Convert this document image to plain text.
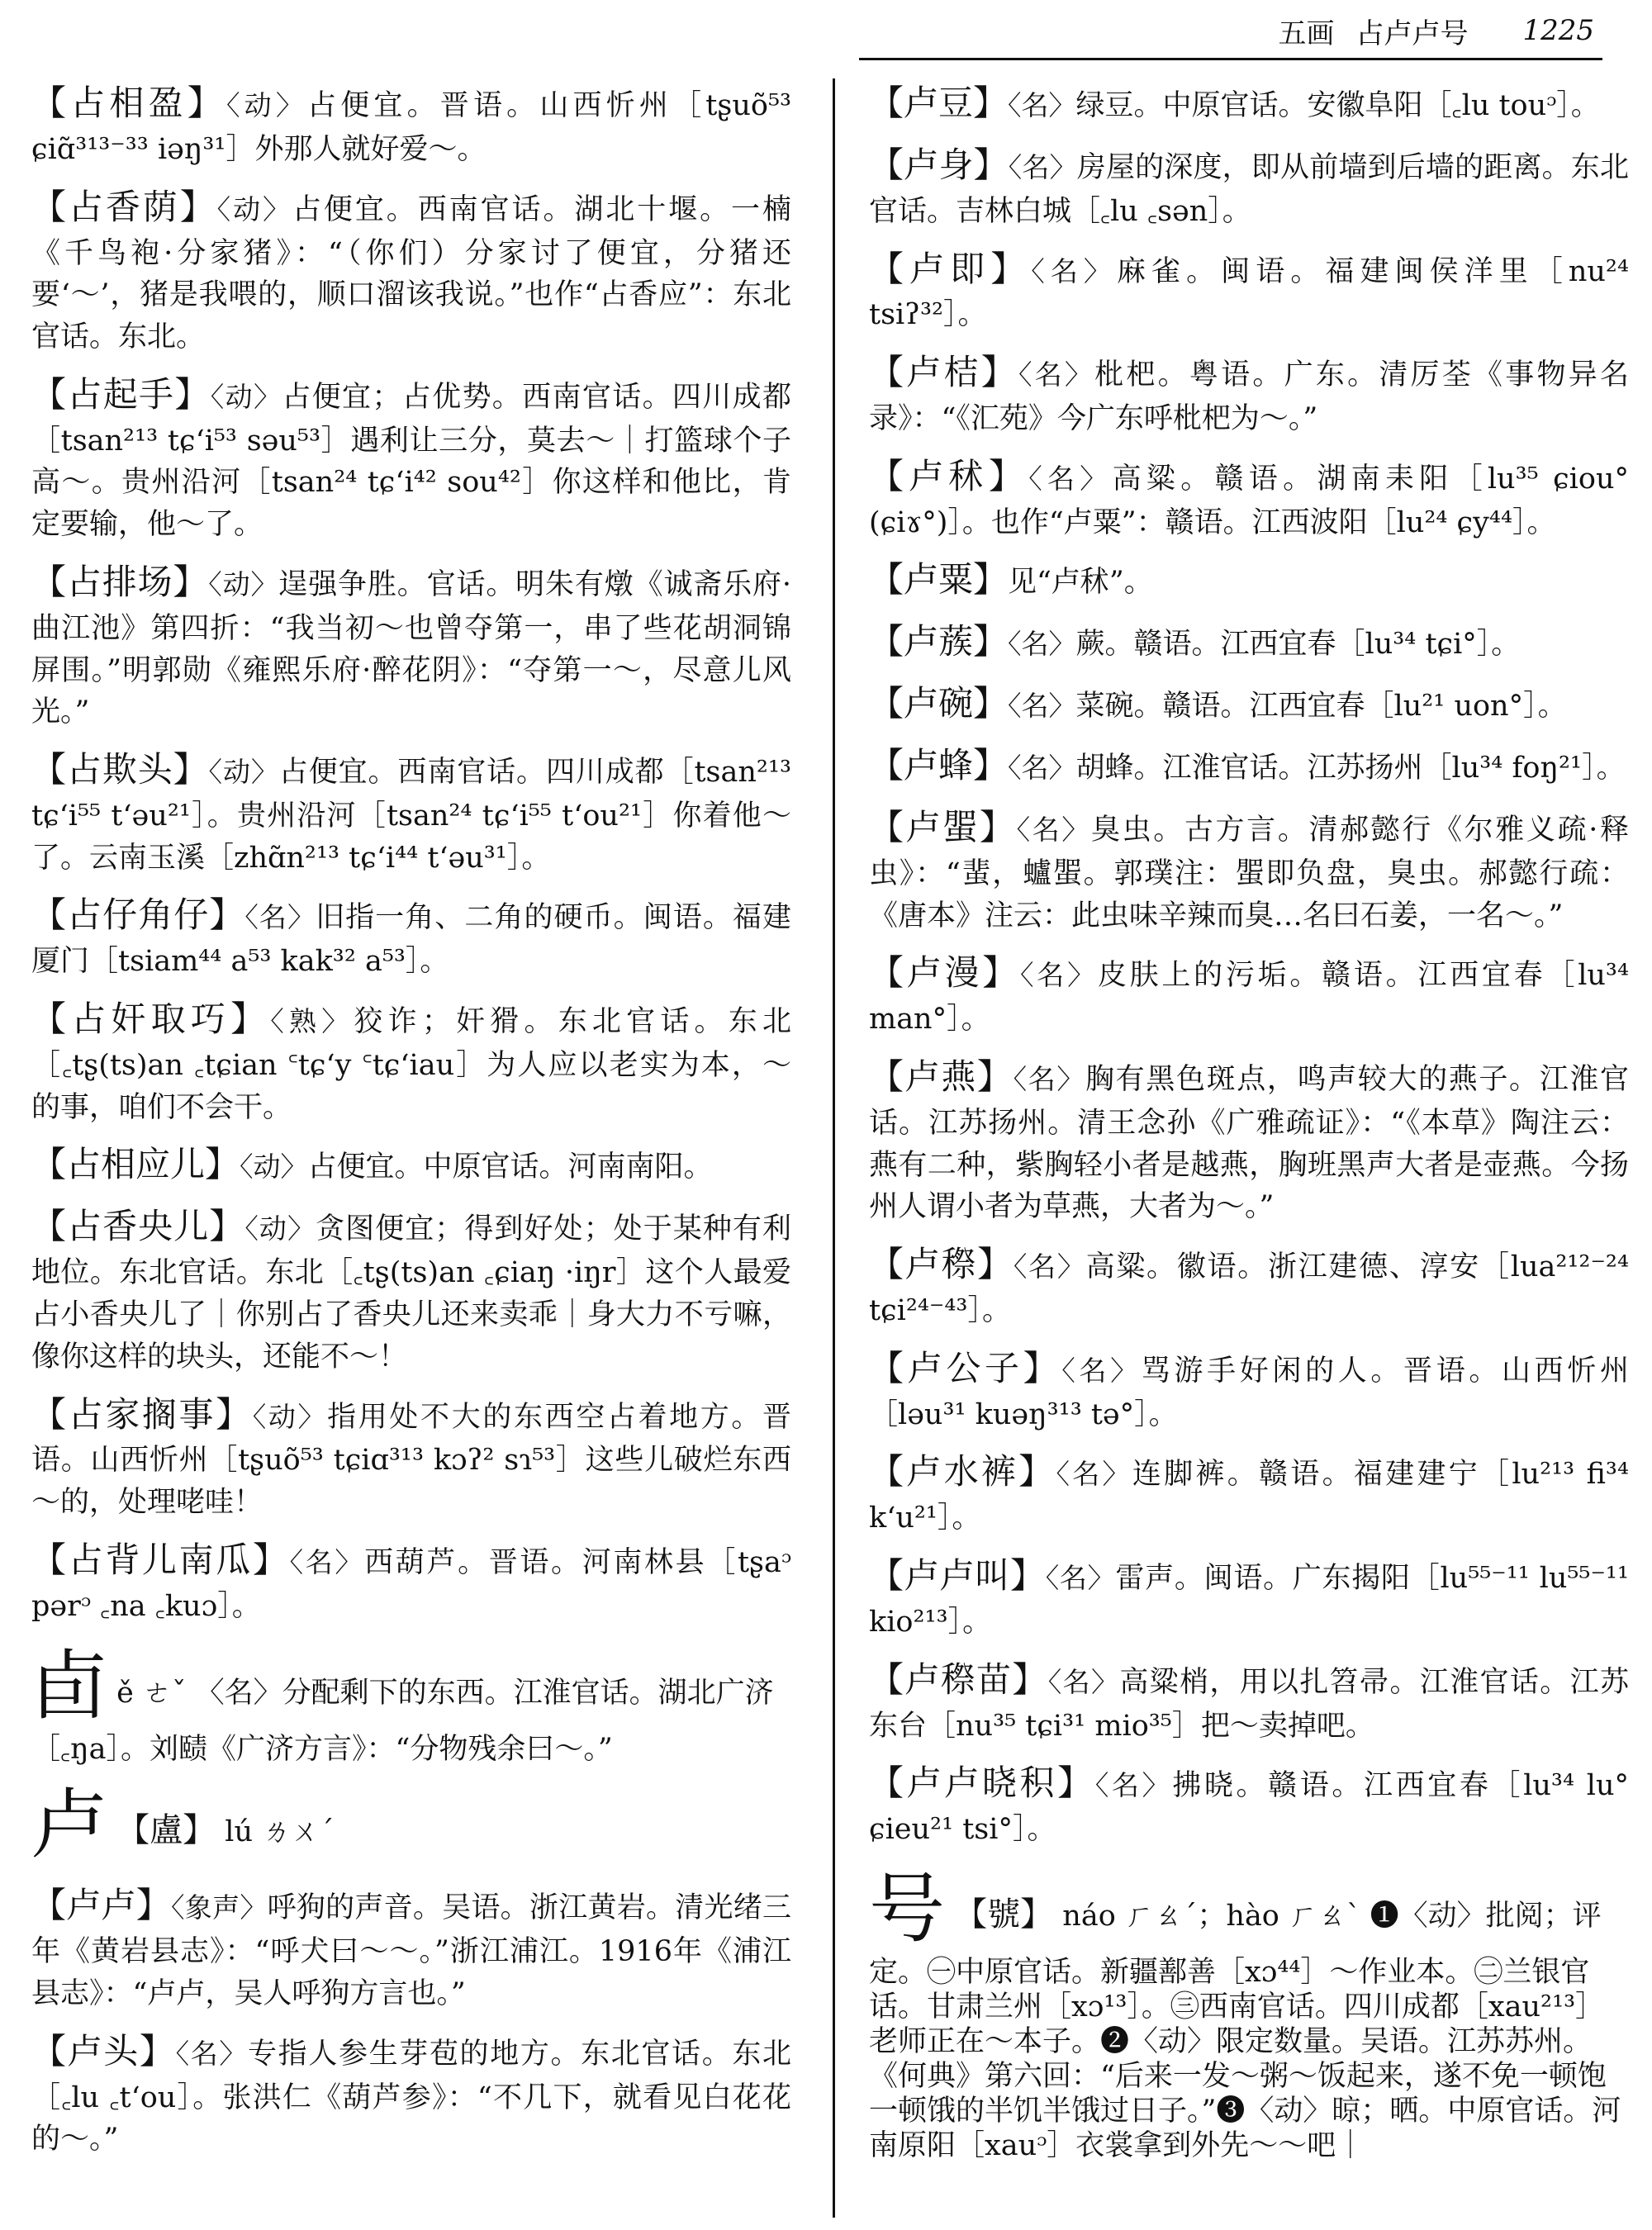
五画 占卢卢号 1225

【占相盈】〈动〉占便宜。晋语。山西忻州［tʂuõ⁵³ ɕiɑ̃³¹³⁻³³ iəŋ³¹］外那人就好爱～。

【占香荫】〈动〉占便宜。西南官话。湖北十堰。一楠《千鸟袍·分家猪》：“（你们）分家讨了便宜，分猪还要‘～’，猪是我喂的，顺口溜该我说。”也作“占香应”：东北官话。东北。

【占起手】〈动〉占便宜；占优势。西南官话。四川成都［tsan²¹³ tɕʻi⁵³ səu⁵³］遇利让三分，莫去～｜打篮球个子高～。贵州沿河［tsan²⁴ tɕʻi⁴² sou⁴²］你这样和他比，肯定要输，他～了。

【占排场】〈动〉逞强争胜。官话。明朱有燉《诚斋乐府·曲江池》第四折：“我当初～也曾夺第一，串了些花胡洞锦屏围。”明郭勋《雍熙乐府·醉花阴》：“夺第一～，尽意儿风光。”

【占欺头】〈动〉占便宜。西南官话。四川成都［tsan²¹³ tɕʻi⁵⁵ tʻəu²¹］。贵州沿河［tsan²⁴ tɕʻi⁵⁵ tʻou²¹］你着他～了。云南玉溪［zhɑ̃n²¹³ tɕʻi⁴⁴ tʻəu³¹］。

【占仔角仔】〈名〉旧指一角、二角的硬币。闽语。福建厦门［tsiam⁴⁴ a⁵³ kak³² a⁵³］。

【占奸取巧】〈熟〉狡诈；奸猾。东北官话。东北［꜀tʂ(ts)an ꜀tɕian ꜂tɕʻy ꜂tɕʻiau］为人应以老实为本，～的事，咱们不会干。

【占相应儿】〈动〉占便宜。中原官话。河南南阳。

【占香央儿】〈动〉贪图便宜；得到好处；处于某种有利地位。东北官话。东北［꜀tʂ(ts)an ꜀ɕiaŋ ·iŋr］这个人最爱占小香央儿了｜你别占了香央儿还来卖乖｜身大力不亏嘛，像你这样的块头，还能不～！

【占家搁事】〈动〉指用处不大的东西空占着地方。晋语。山西忻州［tʂuõ⁵³ tɕiɑ³¹³ kɔʔ² sɿ⁵³］这些儿破烂东西～的，处理咾哇！

【占背儿南瓜】〈名〉西葫芦。晋语。河南林县［tʂaᵓ pərᵓ ꜀na ꜀kuɔ］。

卣 ě ㄜˇ 〈名〉分配剩下的东西。江淮官话。湖北广济［꜀ŋa］。刘赜《广济方言》：“分物残余曰～。”
卢 【盧】 lú ㄌㄨˊ

【卢卢】〈象声〉呼狗的声音。吴语。浙江黄岩。清光绪三年《黄岩县志》：“呼犬曰～～。”浙江浦江。1916年《浦江县志》：“卢卢，吴人呼狗方言也。”

【卢头】〈名〉专指人参生芽苞的地方。东北官话。东北［꜀lu ꜀tʻou］。张洪仁《葫芦参》：“不几下，就看见白花花的～。”

【卢豆】〈名〉绿豆。中原官话。安徽阜阳［꜀lu touᵓ］。

【卢身】〈名〉房屋的深度，即从前墙到后墙的距离。东北官话。吉林白城［꜀lu ꜀sən］。

【卢即】〈名〉麻雀。闽语。福建闽侯洋里［nu²⁴ tsiʔ³²］。

【卢桔】〈名〉枇杷。粤语。广东。清厉荃《事物异名录》：“《汇苑》今广东呼枇杷为～。”

【卢秫】〈名〉高粱。赣语。湖南耒阳［lu³⁵ ɕiou°(ɕiɤ°)］。也作“卢粟”：赣语。江西波阳［lu²⁴ ɕy⁴⁴］。

【卢粟】见“卢秫”。

【卢蔟】〈名〉蕨。赣语。江西宜春［lu³⁴ tɕi°］。

【卢碗】〈名〉菜碗。赣语。江西宜春［lu²¹ uon°］。

【卢蜂】〈名〉胡蜂。江淮官话。江苏扬州［lu³⁴ foŋ²¹］。

【卢蜰】〈名〉臭虫。古方言。清郝懿行《尔雅义疏·释虫》：“蜚，蠦蜰。郭璞注：蜰即负盘，臭虫。郝懿行疏：《唐本》注云：此虫味辛辣而臭…名曰石姜，一名～。”

【卢漫】〈名〉皮肤上的污垢。赣语。江西宜春［lu³⁴ man°］。

【卢燕】〈名〉胸有黑色斑点，鸣声较大的燕子。江淮官话。江苏扬州。清王念孙《广雅疏证》：“《本草》陶注云：燕有二种，紫胸轻小者是越燕，胸班黑声大者是壶燕。今扬州人谓小者为草燕，大者为～。”

【卢穄】〈名〉高粱。徽语。浙江建德、淳安［lua²¹²⁻²⁴ tɕi²⁴⁻⁴³］。

【卢公子】〈名〉骂游手好闲的人。晋语。山西忻州［ləu³¹ kuəŋ³¹³ tə°］。

【卢水裤】〈名〉连脚裤。赣语。福建建宁［lu²¹³ fi³⁴ kʻu²¹］。

【卢卢叫】〈名〉雷声。闽语。广东揭阳［lu⁵⁵⁻¹¹ lu⁵⁵⁻¹¹ kio²¹³］。

【卢穄苗】〈名〉高粱梢，用以扎笤帚。江淮官话。江苏东台［nu³⁵ tɕi³¹ mio³⁵］把～卖掉吧。

【卢卢晓积】〈名〉拂晓。赣语。江西宜春［lu³⁴ lu° ɕieu²¹ tsi°］。

号 【號】 náo ㄏㄠˊ；hào ㄏㄠˋ ❶〈动〉批阅；评定。㊀中原官话。新疆鄯善［xɔ⁴⁴］～作业本。㊁兰银官话。甘肃兰州［xɔ¹³］。㊂西南官话。四川成都［xau²¹³］老师正在～本子。❷〈动〉限定数量。吴语。江苏苏州。《何典》第六回：“后来一发～粥～饭起来，遂不免一顿饱一顿饿的半饥半饿过日子。”❸〈动〉晾；晒。中原官话。河南原阳［xauᵓ］衣裳拿到外先～～吧｜
